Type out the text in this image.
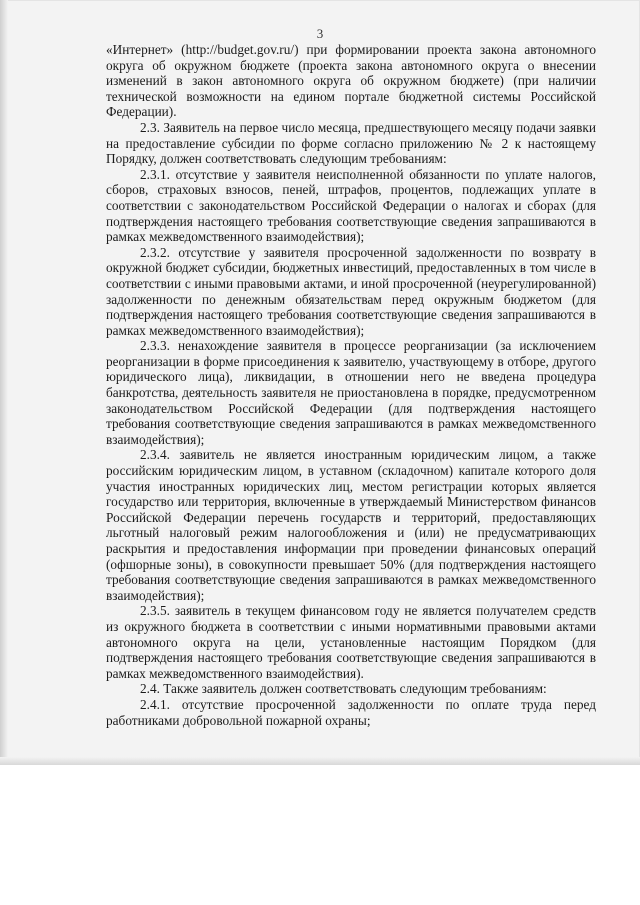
3

«Интернет» (http://budget.gov.ru/) при формировании проекта закона автономного округа об окружном бюджете (проекта закона автономного округа о внесении изменений в закон автономного округа об окружном бюджете) (при наличии технической возможности на едином портале бюджетной системы Российской Федерации).

2.3. Заявитель на первое число месяца, предшествующего месяцу подачи заявки на предоставление субсидии по форме согласно приложению № 2 к настоящему Порядку, должен соответствовать следующим требованиям:

2.3.1. отсутствие у заявителя неисполненной обязанности по уплате налогов, сборов, страховых взносов, пеней, штрафов, процентов, подлежащих уплате в соответствии с законодательством Российской Федерации о налогах и сборах (для подтверждения настоящего требования соответствующие сведения запрашиваются в рамках межведомственного взаимодействия);

2.3.2. отсутствие у заявителя просроченной задолженности по возврату в окружной бюджет субсидии, бюджетных инвестиций, предоставленных в том числе в соответствии с иными правовыми актами, и иной просроченной (неурегулированной) задолженности по денежным обязательствам перед окружным бюджетом (для подтверждения настоящего требования соответствующие сведения запрашиваются в рамках межведомственного взаимодействия);

2.3.3. ненахождение заявителя в процессе реорганизации (за исключением реорганизации в форме присоединения к заявителю, участвующему в отборе, другого юридического лица), ликвидации, в отношении него не введена процедура банкротства, деятельность заявителя не приостановлена в порядке, предусмотренном законодательством Российской Федерации (для подтверждения настоящего требования соответствующие сведения запрашиваются в рамках межведомственного взаимодействия);

2.3.4. заявитель не является иностранным юридическим лицом, а также российским юридическим лицом, в уставном (складочном) капитале которого доля участия иностранных юридических лиц, местом регистрации которых является государство или территория, включенные в утверждаемый Министерством финансов Российской Федерации перечень государств и территорий, предоставляющих льготный налоговый режим налогообложения и (или) не предусматривающих раскрытия и предоставления информации при проведении финансовых операций (офшорные зоны), в совокупности превышает 50% (для подтверждения настоящего требования соответствующие сведения запрашиваются в рамках межведомственного взаимодействия);

2.3.5. заявитель в текущем финансовом году не является получателем средств из окружного бюджета в соответствии с иными нормативными правовыми актами автономного округа на цели, установленные настоящим Порядком (для подтверждения настоящего требования соответствующие сведения запрашиваются в рамках межведомственного взаимодействия).

2.4. Также заявитель должен соответствовать следующим требованиям:

2.4.1. отсутствие просроченной задолженности по оплате труда перед работниками добровольной пожарной охраны;
